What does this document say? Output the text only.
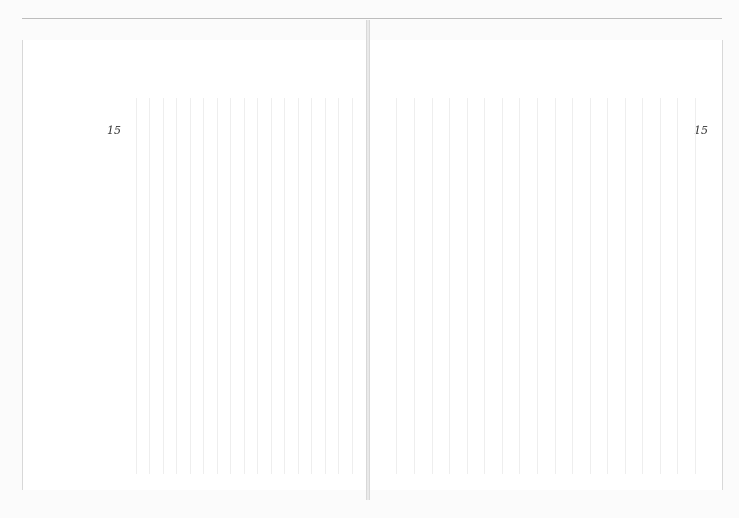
15	15
